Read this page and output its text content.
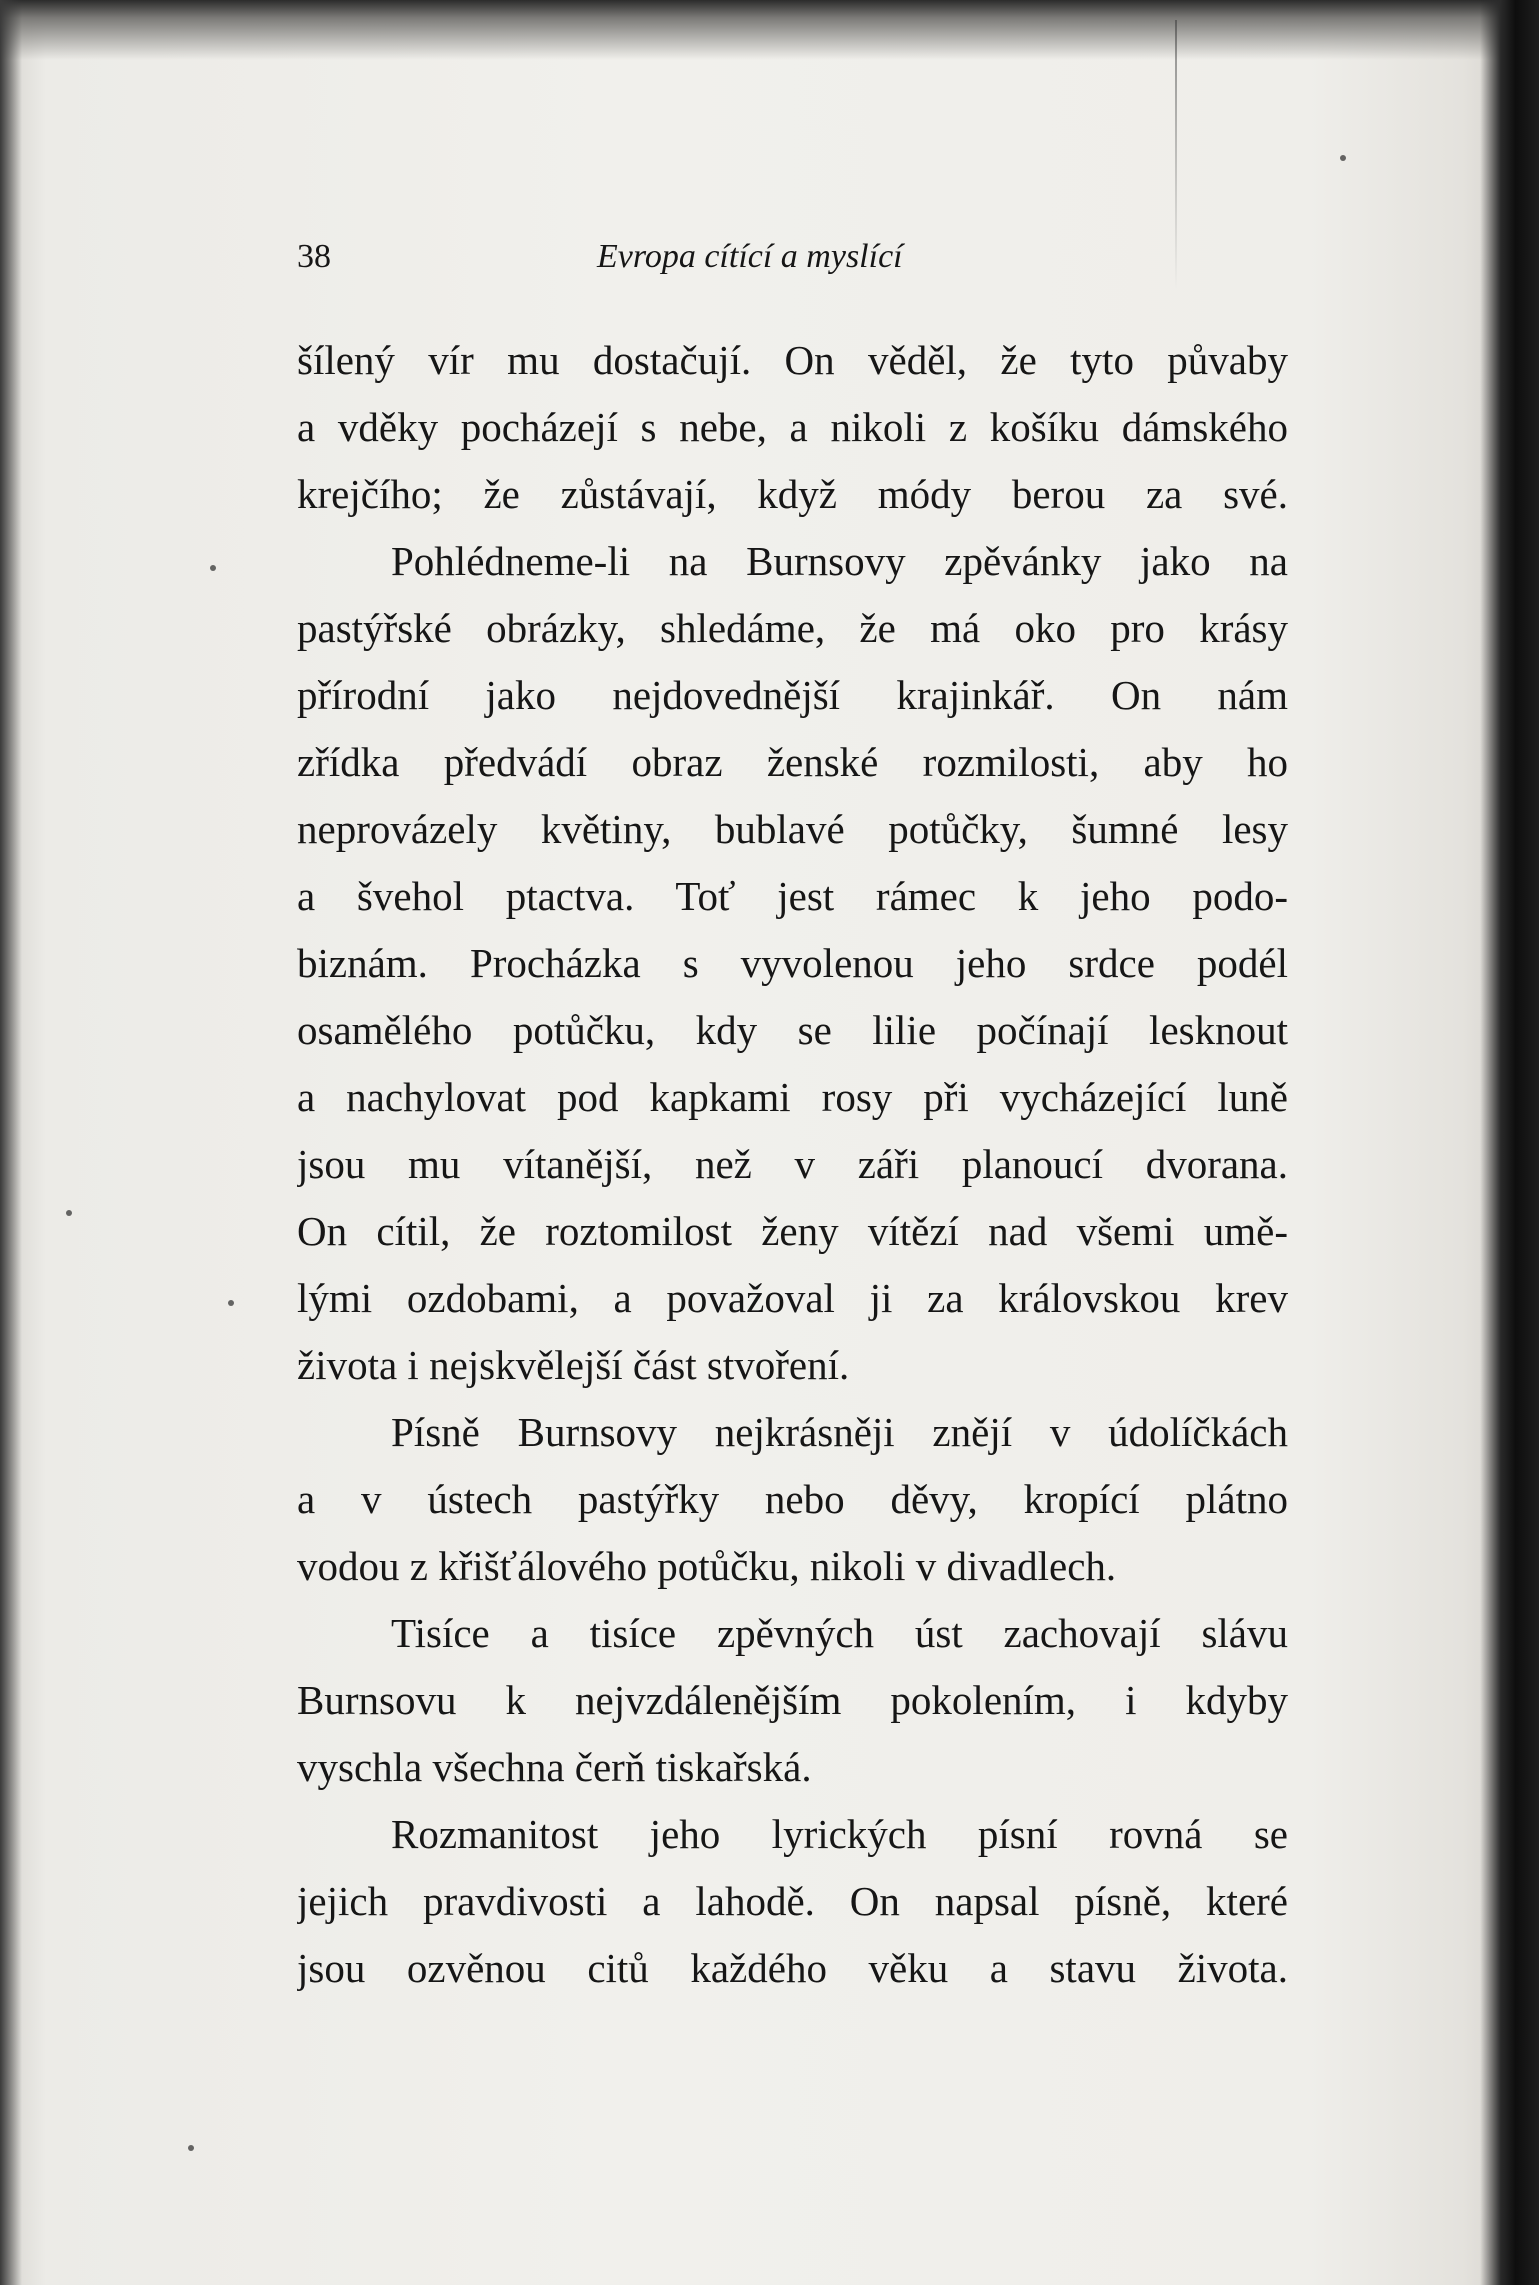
38	Evropa cítící a myslící
šílený vír mu dostačují. On věděl, že tyto půvaby
a vděky pocházejí s nebe, a nikoli z košíku dámského
krejčího; že zůstávají, když módy berou za své.
Pohlédneme-li na Burnsovy zpěvánky jako na
pastýřské obrázky, shledáme, že má oko pro krásy
přírodní jako nejdovednější krajinkář. On nám
zřídka předvádí obraz ženské rozmilosti, aby ho
neprovázely květiny, bublavé potůčky, šumné lesy
a švehol ptactva. Toť jest rámec k jeho podo-
biznám. Procházka s vyvolenou jeho srdce podél
osamělého potůčku, kdy se lilie počínají lesknout
a nachylovat pod kapkami rosy při vycházející luně
jsou mu vítanější, než v záři planoucí dvorana.
On cítil, že roztomilost ženy vítězí nad všemi umě-
lými ozdobami, a považoval ji za královskou krev
života i nejskvělejší část stvoření.
Písně Burnsovy nejkrásněji znějí v údolíčkách
a v ústech pastýřky nebo děvy, kropící plátno
vodou z křišťálového potůčku, nikoli v divadlech.
Tisíce a tisíce zpěvných úst zachovají slávu
Burnsovu k nejvzdálenějším pokolením, i kdyby
vyschla všechna čerň tiskařská.
Rozmanitost jeho lyrických písní rovná se
jejich pravdivosti a lahodě. On napsal písně, které
jsou ozvěnou citů každého věku a stavu života.
